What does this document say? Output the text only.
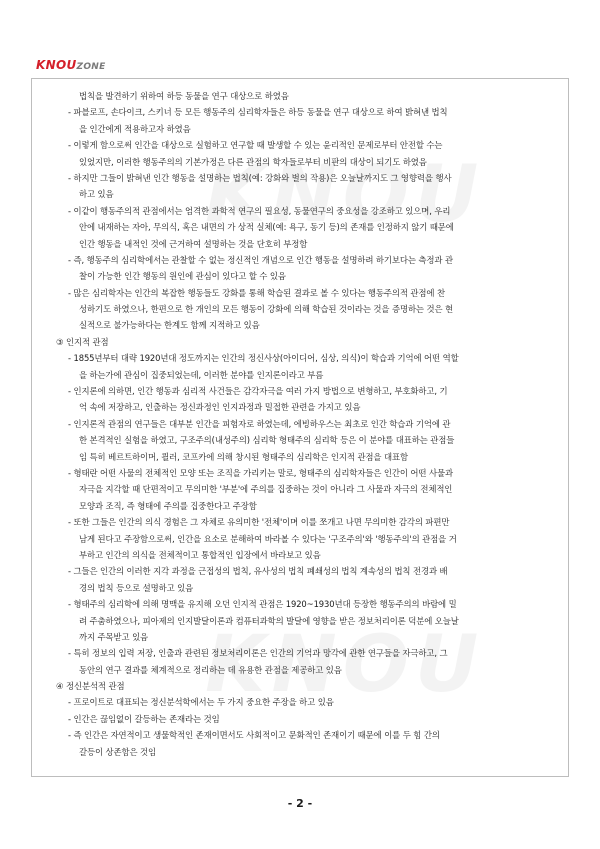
KNOUZONE
법칙을 발견하기 위하여 하등 동물을 연구 대상으로 하였음
- 파블로프, 손다이크, 스키너 등 모든 행동주의 심리학자들은 하등 동물을 연구 대상으로 하여 밝혀낸 법칙
을 인간에게 적용하고자 하였음
- 이렇게 함으로써 인간을 대상으로 실험하고 연구할 때 발생할 수 있는 윤리적인 문제로부터 안전할 수는
있었지만, 이러한 행동주의의 기본가정은 다른 관점의 학자들로부터 비판의 대상이 되기도 하였음
- 하지만 그들이 밝혀낸 인간 행동을 설명하는 법칙(예: 강화와 벌의 작용)은 오늘날까지도 그 영향력을 행사
하고 있음
- 이같이 행동주의적 관점에서는 엄격한 과학적 연구의 필요성, 동물연구의 중요성을 강조하고 있으며, 우리
안에 내재하는 자아, 무의식, 혹은 내면의 가 상적 실체(예: 욕구, 동기 등)의 존재를 인정하지 않기 때문에
인간 행동을 내적인 것에 근거하여 설명하는 것을 단호히 부정함
- 즉, 행동주의 심리학에서는 관찰할 수 없는 정신적인 개념으로 인간 행동을 설명하려 하기보다는 측정과 관
찰이 가능한 인간 행동의 원인에 관심이 있다고 할 수 있음
- 많은 심리학자는 인간의 복잡한 행동들도 강화를 통해 학습된 결과로 볼 수 있다는 행동주의적 관점에 찬
성하기도 하였으나, 한편으로 한 개인의 모든 행동이 강화에 의해 학습된 것이라는 것을 증명하는 것은 현
실적으로 불가능하다는 한계도 함께 지적하고 있음
③ 인지적 관점
- 1855년부터 대략 1920년대 정도까지는 인간의 정신사상(아이디어, 심상, 의식)이 학습과 기억에 어떤 역할
을 하는가에 관심이 집중되었는데, 이러한 분야를 인지론이라고 부름
- 인지론에 의하면, 인간 행동과 심리적 사건들은 감각자극을 여러 가지 방법으로 변형하고, 부호화하고, 기
억 속에 저장하고, 인출하는 정신과정인 인지과정과 밀접한 관련을 가지고 있음
- 인지론적 관점의 연구들은 대부분 인간을 피험자로 하였는데, 에빙하우스는 최초로 인간 학습과 기억에 관
한 본격적인 실험을 하였고, 구조주의(내성주의) 심리학 형태주의 심리학 등은 이 분야를 대표하는 관점들
임 특히 베르트하이머, 쾰러, 코프카에 의해 창시된 형태주의 심리학은 인지적 관점을 대표함
- 형태란 어떤 사물의 전체적인 모양 또는 조직을 가리키는 말로, 형태주의 심리학자들은 인간이 어떤 사물과
자극을 지각할 때 단편적이고 무의미한 '부분'에 주의를 집중하는 것이 아니라 그 사물과 자극의 전체적인
모양과 조직, 즉 형태에 주의를 집중한다고 주장함
- 또한 그들은 인간의 의식 경험은 그 자체로 유의미한 '전체'이며 이를 쪼개고 나면 무의미한 감각의 파편만
남게 된다고 주장함으로써, 인간을 요소로 분해하여 바라볼 수 있다는 '구조주의'와 '행동주의'의 관점을 거
부하고 인간의 의식을 전체적이고 통합적인 입장에서 바라보고 있음
- 그들은 인간의 이러한 지각 과정을 근접성의 법칙, 유사성의 법칙 폐쇄성의 법칙 계속성의 법칙 전경과 배
경의 법칙 등으로 설명하고 있음
- 형태주의 심리학에 의해 명맥을 유지해 오던 인지적 관점은 1920~1930년대 등장한 행동주의의 바람에 밀
려 주춤하였으나, 피아제의 인지발달이론과 컴퓨터과학의 발달에 영향을 받은 정보처리이론 덕분에 오늘날
까지 주목받고 있음
- 특히 정보의 입력 저장, 인출과 관련된 정보처리이론은 인간의 기억과 망각에 관한 연구들을 자극하고, 그
동안의 연구 결과를 체계적으로 정리하는 데 유용한 관점을 제공하고 있음
④ 정신분석적 관점
- 프로이트로 대표되는 정신분석학에서는 두 가지 중요한 주장을 하고 있음
- 인간은 끊임없이 갈등하는 존재라는 것임
- 즉 인간은 자연적이고 생물학적인 존재이면서도 사회적이고 문화적인 존재이기 때문에 이를 두 힘 간의
갈등이 상존함은 것임
- 2 -
